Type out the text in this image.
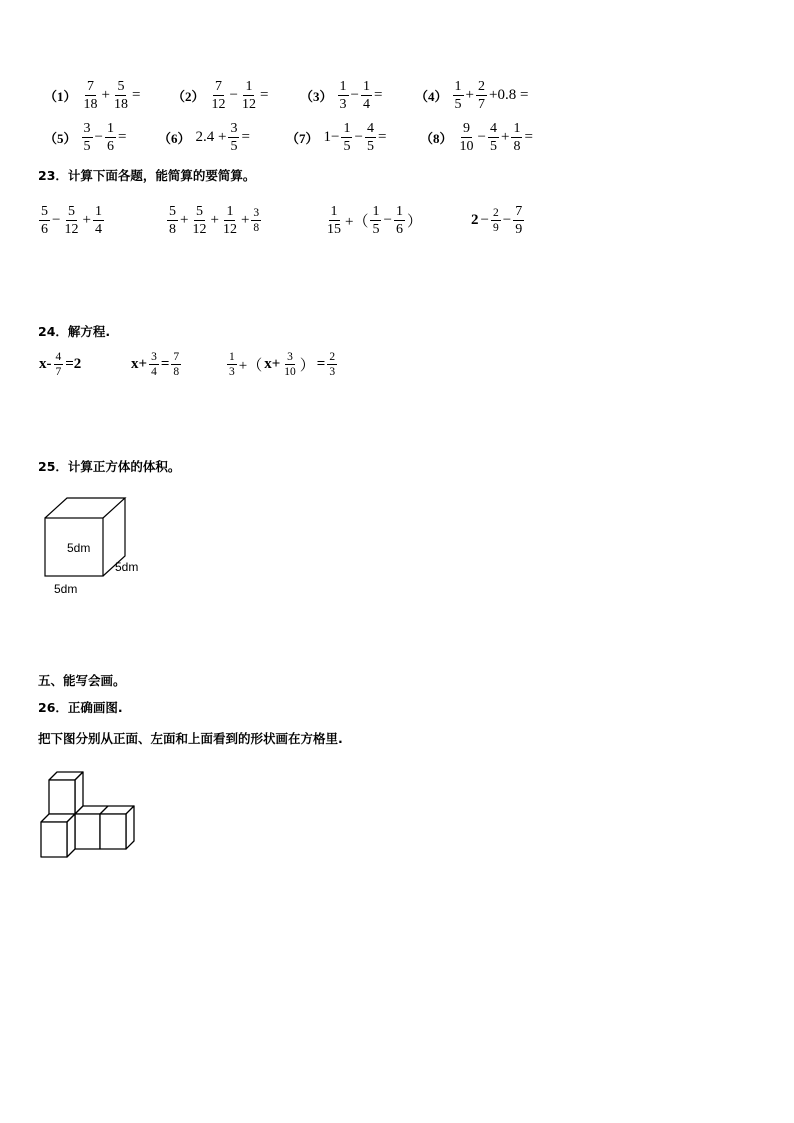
$(1) \frac{7}{18} + \frac{5}{18} = (2) \frac{7}{12} - \frac{1}{12} = (3) \frac{1}{3} - \frac{1}{4}$ =	$(4) \frac{1}{5} + \frac{2}{7} +0.8$ =
$(5) \frac{3}{5} - \frac{1}{6} = (6) 2.4 + \frac{3}{5}$ =	（7） $1- \frac{1}{5} - \frac{4}{5}$ =	$(8) \frac{9}{10} - \frac{4}{5} + \frac{1}{8}$ =
23．计算下面各题，能简算的要简算。
$\frac{5}{6} - \frac{5}{12} + \frac{1}{4}$	$\frac{5}{8} + \frac{5}{12} + \frac{1}{12} + \frac{3}{8}$	$\frac{1}{15}$ +（ $\frac{1}{5} - \frac{1}{6}$ ）	$2 - \frac{2}{9} - \frac{7}{9}$
24．解方程.
$x- \frac{4}{7} =2$	$x+ \frac{3}{4} = \frac{7}{8}$	$\frac{1}{3}$ +（ $x+ \frac{3}{10}$ ） = $\frac{2}{3}$
25．计算正方体的体积。
5dm
5dm
5dm
五、能写会画。
26．正确画图.
把下图分别从正面、左面和上面看到的形状画在方格里.
